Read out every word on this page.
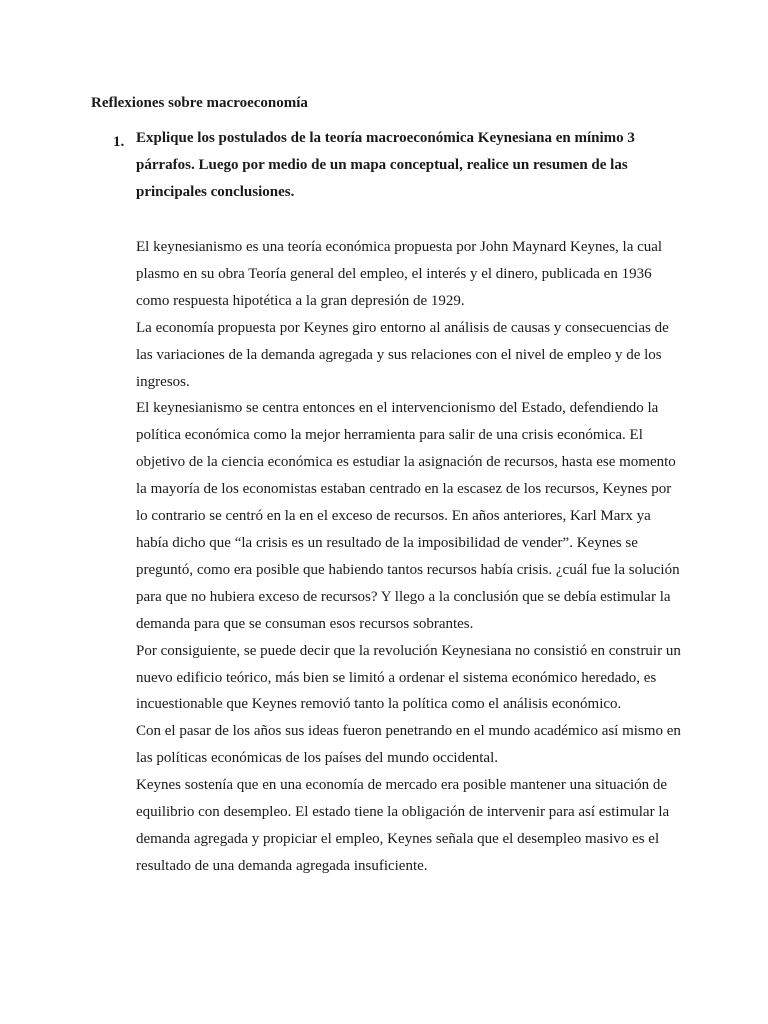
Reflexiones sobre macroeconomía
1. Explique los postulados de la teoría macroeconómica Keynesiana en mínimo 3 párrafos. Luego por medio de un mapa conceptual, realice un resumen de las principales conclusiones.

El keynesianismo es una teoría económica propuesta por John Maynard Keynes, la cual plasmo en su obra Teoría general del empleo, el interés y el dinero, publicada en 1936 como respuesta hipotética a la gran depresión de 1929.

La economía propuesta por Keynes giro entorno al análisis de causas y consecuencias de las variaciones de la demanda agregada y sus relaciones con el nivel de empleo y de los ingresos.

El keynesianismo se centra entonces en el intervencionismo del Estado, defendiendo la política económica como la mejor herramienta para salir de una crisis económica. El objetivo de la ciencia económica es estudiar la asignación de recursos, hasta ese momento la mayoría de los economistas estaban centrado en la escasez de los recursos, Keynes por lo contrario se centró en la en el exceso de recursos. En años anteriores, Karl Marx ya había dicho que “la crisis es un resultado de la imposibilidad de vender”. Keynes se preguntó, como era posible que habiendo tantos recursos había crisis. ¿cuál fue la solución para que no hubiera exceso de recursos? Y llego a la conclusión que se debía estimular la demanda para que se consuman esos recursos sobrantes.

Por consiguiente, se puede decir que la revolución Keynesiana no consistió en construir un nuevo edificio teórico, más bien se limitó a ordenar el sistema económico heredado, es incuestionable que Keynes removió tanto la política como el análisis económico.

Con el pasar de los años sus ideas fueron penetrando en el mundo académico así mismo en las políticas económicas de los países del mundo occidental.

Keynes sostenía que en una economía de mercado era posible mantener una situación de equilibrio con desempleo. El estado tiene la obligación de intervenir para así estimular la demanda agregada y propiciar el empleo, Keynes señala que el desempleo masivo es el resultado de una demanda agregada insuficiente.
